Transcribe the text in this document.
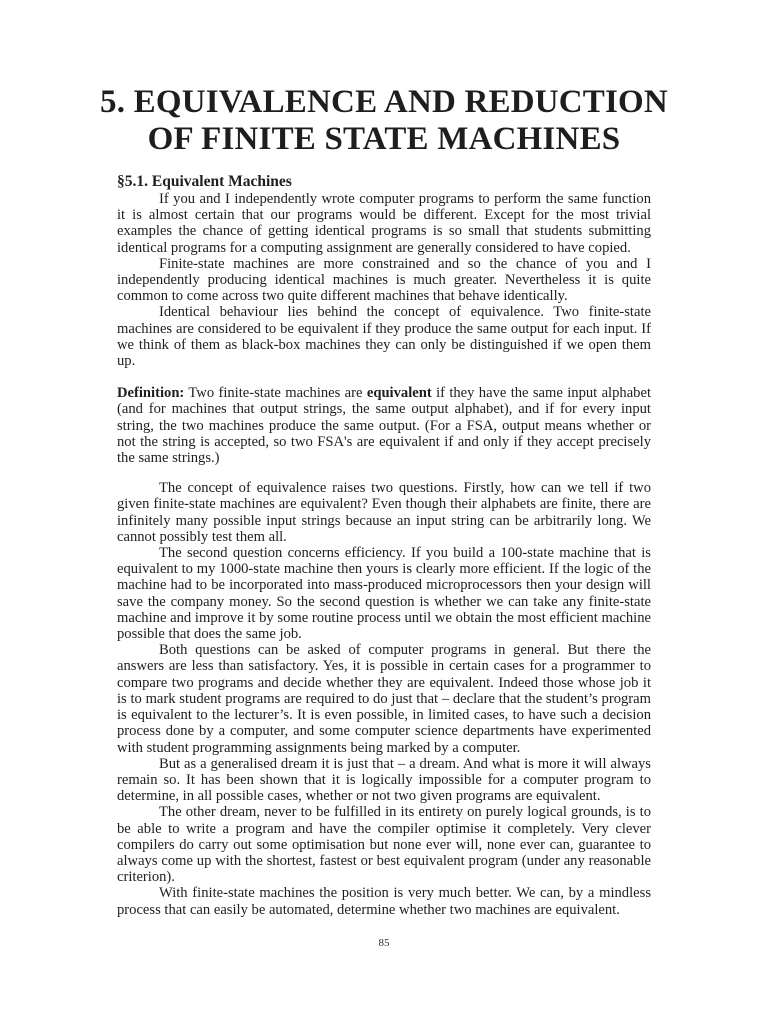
5. EQUIVALENCE AND REDUCTION
OF FINITE STATE MACHINES
§5.1. Equivalent Machines

If you and I independently wrote computer programs to perform the same function it is almost certain that our programs would be different. Except for the most trivial examples the chance of getting identical programs is so small that students submitting identical programs for a computing assignment are generally considered to have copied.

Finite-state machines are more constrained and so the chance of you and I independently producing identical machines is much greater. Nevertheless it is quite common to come across two quite different machines that behave identically.

Identical behaviour lies behind the concept of equivalence. Two finite-state machines are considered to be equivalent if they produce the same output for each input. If we think of them as black-box machines they can only be distinguished if we open them up.

Definition: Two finite-state machines are equivalent if they have the same input alphabet (and for machines that output strings, the same output alphabet), and if for every input string, the two machines produce the same output. (For a FSA, output means whether or not the string is accepted, so two FSA's are equivalent if and only if they accept precisely the same strings.)

The concept of equivalence raises two questions. Firstly, how can we tell if two given finite-state machines are equivalent? Even though their alphabets are finite, there are infinitely many possible input strings because an input string can be arbitrarily long. We cannot possibly test them all.

The second question concerns efficiency. If you build a 100-state machine that is equivalent to my 1000-state machine then yours is clearly more efficient. If the logic of the machine had to be incorporated into mass-produced microprocessors then your design will save the company money. So the second question is whether we can take any finite-state machine and improve it by some routine process until we obtain the most efficient machine possible that does the same job.

Both questions can be asked of computer programs in general. But there the answers are less than satisfactory. Yes, it is possible in certain cases for a programmer to compare two programs and decide whether they are equivalent. Indeed those whose job it is to mark student programs are required to do just that – declare that the student’s program is equivalent to the lecturer’s. It is even possible, in limited cases, to have such a decision process done by a computer, and some computer science departments have experimented with student programming assignments being marked by a computer.

But as a generalised dream it is just that – a dream. And what is more it will always remain so. It has been shown that it is logically impossible for a computer program to determine, in all possible cases, whether or not two given programs are equivalent.

The other dream, never to be fulfilled in its entirety on purely logical grounds, is to be able to write a program and have the compiler optimise it completely. Very clever compilers do carry out some optimisation but none ever will, none ever can, guarantee to always come up with the shortest, fastest or best equivalent program (under any reasonable criterion).

With finite-state machines the position is very much better. We can, by a mindless process that can easily be automated, determine whether two machines are equivalent.

85
